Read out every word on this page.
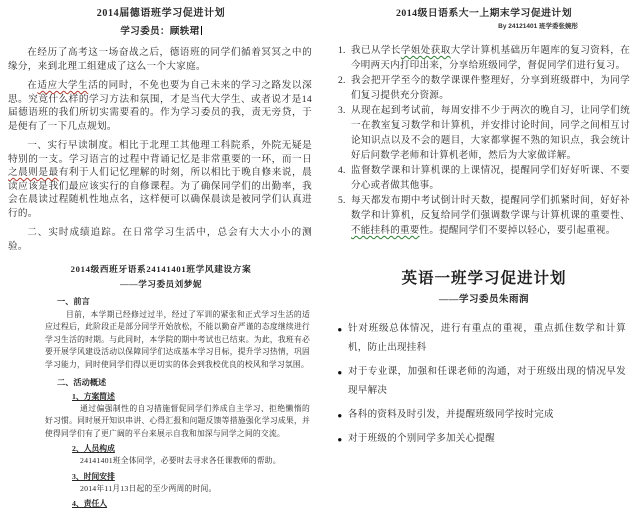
2014届德语班学习促进计划

学习委员：顾轶珺

在经历了高考这一场奋战之后，德语班的同学们循着冥冥之中的缘分，来到北理工组建成了这么一个大家庭。

在适应大学生活的同时，不免也要为自己未来的学习之路发以深思。究竟什么样的学习方法和氛围，才是当代大学生、或者说才是14届德语班的我们所切实需要看的。作为学习委员的我，责无旁贷，于是便有了一下几点规划。

一、实行早读制度。相比于北理工其他理工科院系，外院无疑是特别的一支。学习语言的过程中背诵记忆是非常重要的一环，而一日之晨则是最有利于人们记忆理解的时刻，所以相比于晚自修来说，晨读应该是我们最应该实行的自修课程。为了确保同学们的出勤率，我会在晨读过程随机性地点名，这样便可以确保晨读是被同学们认真进行的。

二、实时成绩追踪。在日常学习生活中，总会有大大小小的测验。

2014级西班牙语系24141401班学风建设方案

——学习委员刘梦妮

一、前言

目前，本学期已经修过过半，经过了军训的紧张和正式学习生活的适应过程后，此阶段正是部分同学开始放松，不能以勤奋严谨的态度继续进行学习生活的时期。与此同时，本学院的期中考试也已结束。为此，我班有必要开展学风建设活动以保障同学们达成基本学习目标，提升学习热情，巩固学习能力，同时使同学们得以更切实的体会到我校优良的校风和学习氛围。

二、活动概述
1、方案简述

通过偏强制性的自习措施督促同学们养成自主学习、拒绝懒惰的好习惯。同时展开知识串讲、心得汇报和问题反馈等措施强化学习成果，并使得同学们有了更广阔的平台来展示自我和加深与同学之间的交流。

2、人员构成

24141401班全体同学，必要时去寻求各任课教师的帮助。

3、时间安排

2014年11月13日起的至少两周的时间。

4、责任人
2014级日语系大一上期末学习促进计划

By 24121401 班学委张婉彤

1. 我已从学长学姐处获取大学计算机基础历年题库的复习资料，在今明两天内打印出来，分享给班级同学，督促同学们进行复习。
2. 我会把开学至今的数学课课件整理好，分享到班级群中，为同学们复习提供充分资源。
3. 从现在起到考试前，每周安排不少于两次的晚自习，让同学们统一在教室复习数学和计算机，并安排讨论时间，同学之间相互讨论知识点以及不会的题目，大家都掌握不熟的知识点，我会统计好后问数学老师和计算机老师，然后为大家做详解。
4. 监督数学课和计算机课的上课情况，提醒同学们好好听课、不要分心或者做其他事。
5. 每天都发布期中考试倒计时天数，提醒同学们抓紧时间，好好补数学和计算机，反复给同学们强调数学课与计算机课的重要性、不能挂科的重要性。提醒同学们不要掉以轻心，要引起重视。
英语一班学习促进计划

——学习委员朱雨润

● 针对班级总体情况，进行有重点的重视，重点抓住数学和计算机，防止出现挂科
● 对于专业课，加强和任课老师的沟通，对于班级出现的情况早发现早解决
● 各科的资料及时引发，并提醒班级同学按时完成
● 对于班级的个别同学多加关心提醒
